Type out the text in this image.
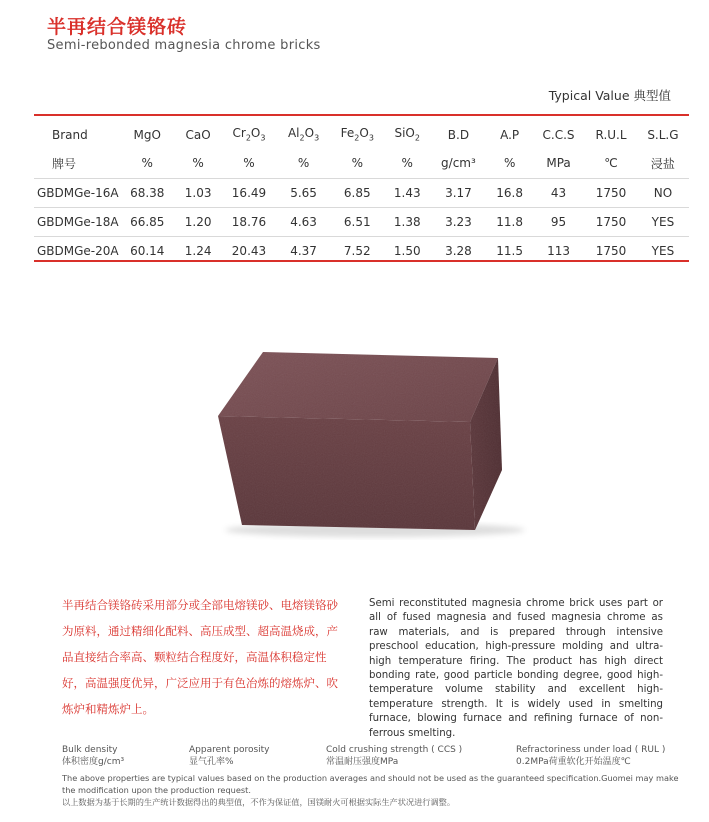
半再结合镁铬砖
Semi-rebonded magnesia chrome bricks
Typical Value 典型值
Brand	MgO	CaO	$Cr_2O_3$	$Al_2O_3$	$Fe_2O_3$	SiO$_2$	B.D	A.P	C.C.S	R.U.L	S.L.G
牌号	%	%	%	%	%	%	g/cm³	%	MPa	℃	浸盐
GBDMGe-16A	68.38	1.03	16.49	5.65	6.85	1.43	3.17	16.8	43	1750	NO
GBDMGe-18A	66.85	1.20	18.76	4.63	6.51	1.38	3.23	11.8	95	1750	YES
GBDMGe-20A	60.14	1.24	20.43	4.37	7.52	1.50	3.28	11.5	113	1750	YES
半再结合镁铬砖采用部分或全部电熔镁砂、电熔镁铬砂为原料，通过精细化配料、高压成型、超高温烧成，产品直接结合率高、颗粒结合程度好，高温体积稳定性好，高温强度优异，广泛应用于有色冶炼的熔炼炉、吹炼炉和精炼炉上。
Semi reconstituted magnesia chrome brick uses part or all of fused magnesia and fused magnesia chrome as raw materials, and is prepared through intensive preschool education, high-pressure molding and ultra-high temperature firing. The product has high direct bonding rate, good particle bonding degree, good high-temperature volume stability and excellent high-temperature strength. It is widely used in smelting furnace, blowing furnace and refining furnace of non-ferrous smelting.
Bulk density
体积密度g/cm³
Apparent porosity
显气孔率%
Cold crushing strength ( CCS )
常温耐压强度MPa
Refractoriness under load ( RUL )
0.2MPa荷重软化开始温度℃
The above properties are typical values based on the production averages and should not be used as the guaranteed specification.Guomei may make the modification upon the production request.
以上数据为基于长期的生产统计数据得出的典型值，不作为保证值，国镁耐火可根据实际生产状况进行调整。
